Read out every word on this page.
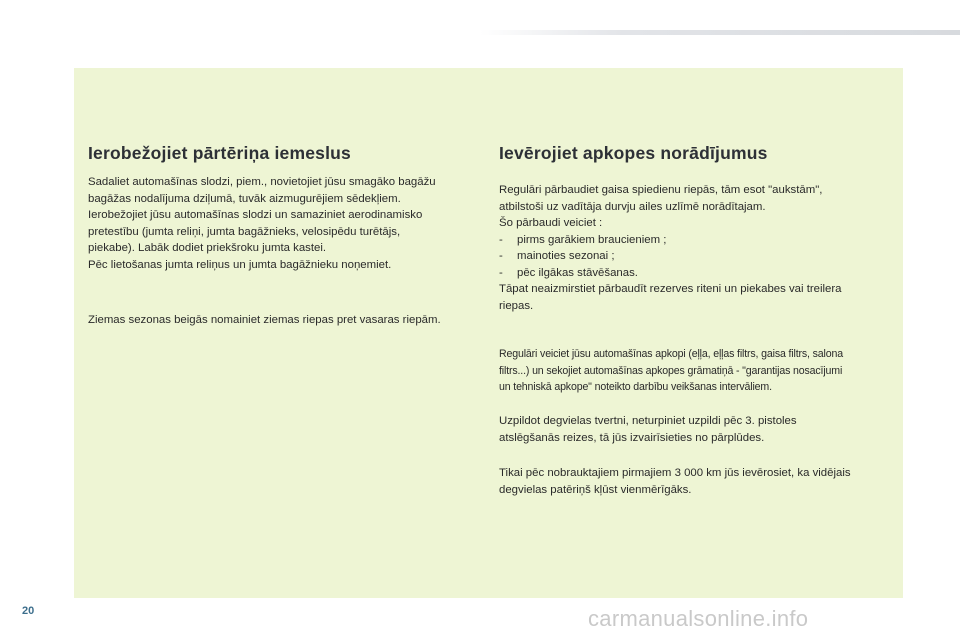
Ierobežojiet pārtēriņa iemeslus

Sadaliet automašīnas slodzi, piem., novietojiet jūsu smagāko bagāžu
bagāžas nodalījuma dziļumā, tuvāk aizmugurējiem sēdekļiem.
Ierobežojiet jūsu automašīnas slodzi un samaziniet aerodinamisko
pretestību (jumta reliņi, jumta bagāžnieks, velosipēdu turētājs,
piekabe). Labāk dodiet priekšroku jumta kastei.
Pēc lietošanas jumta reliņus un jumta bagāžnieku noņemiet.

Ziemas sezonas beigās nomainiet ziemas riepas pret vasaras riepām.

Ievērojiet apkopes norādījumus

Regulāri pārbaudiet gaisa spiedienu riepās, tām esot "aukstām",
atbilstoši uz vadītāja durvju ailes uzlīmē norādītajam.
Šo pārbaudi veiciet :
- pirms garākiem braucieniem ;
- mainoties sezonai ;
- pēc ilgākas stāvēšanas.
Tāpat neaizmirstiet pārbaudīt rezerves riteni un piekabes vai treilera
riepas.

Regulāri veiciet jūsu automašīnas apkopi (eļļa, eļļas filtrs, gaisa filtrs, salona
filtrs...) un sekojiet automašīnas apkopes grāmatiņā - "garantijas nosacījumi
un tehniskā apkope" noteikto darbību veikšanas intervāliem.

Uzpildot degvielas tvertni, neturpiniet uzpildi pēc 3. pistoles
atslēgšanās reizes, tā jūs izvairīsieties no pārplūdes.

Tikai pēc nobrauktajiem pirmajiem 3 000 km jūs ievērosiet, ka vidējais
degvielas patēriņš kļūst vienmērīgāks.

20	carmanualsonline.info
